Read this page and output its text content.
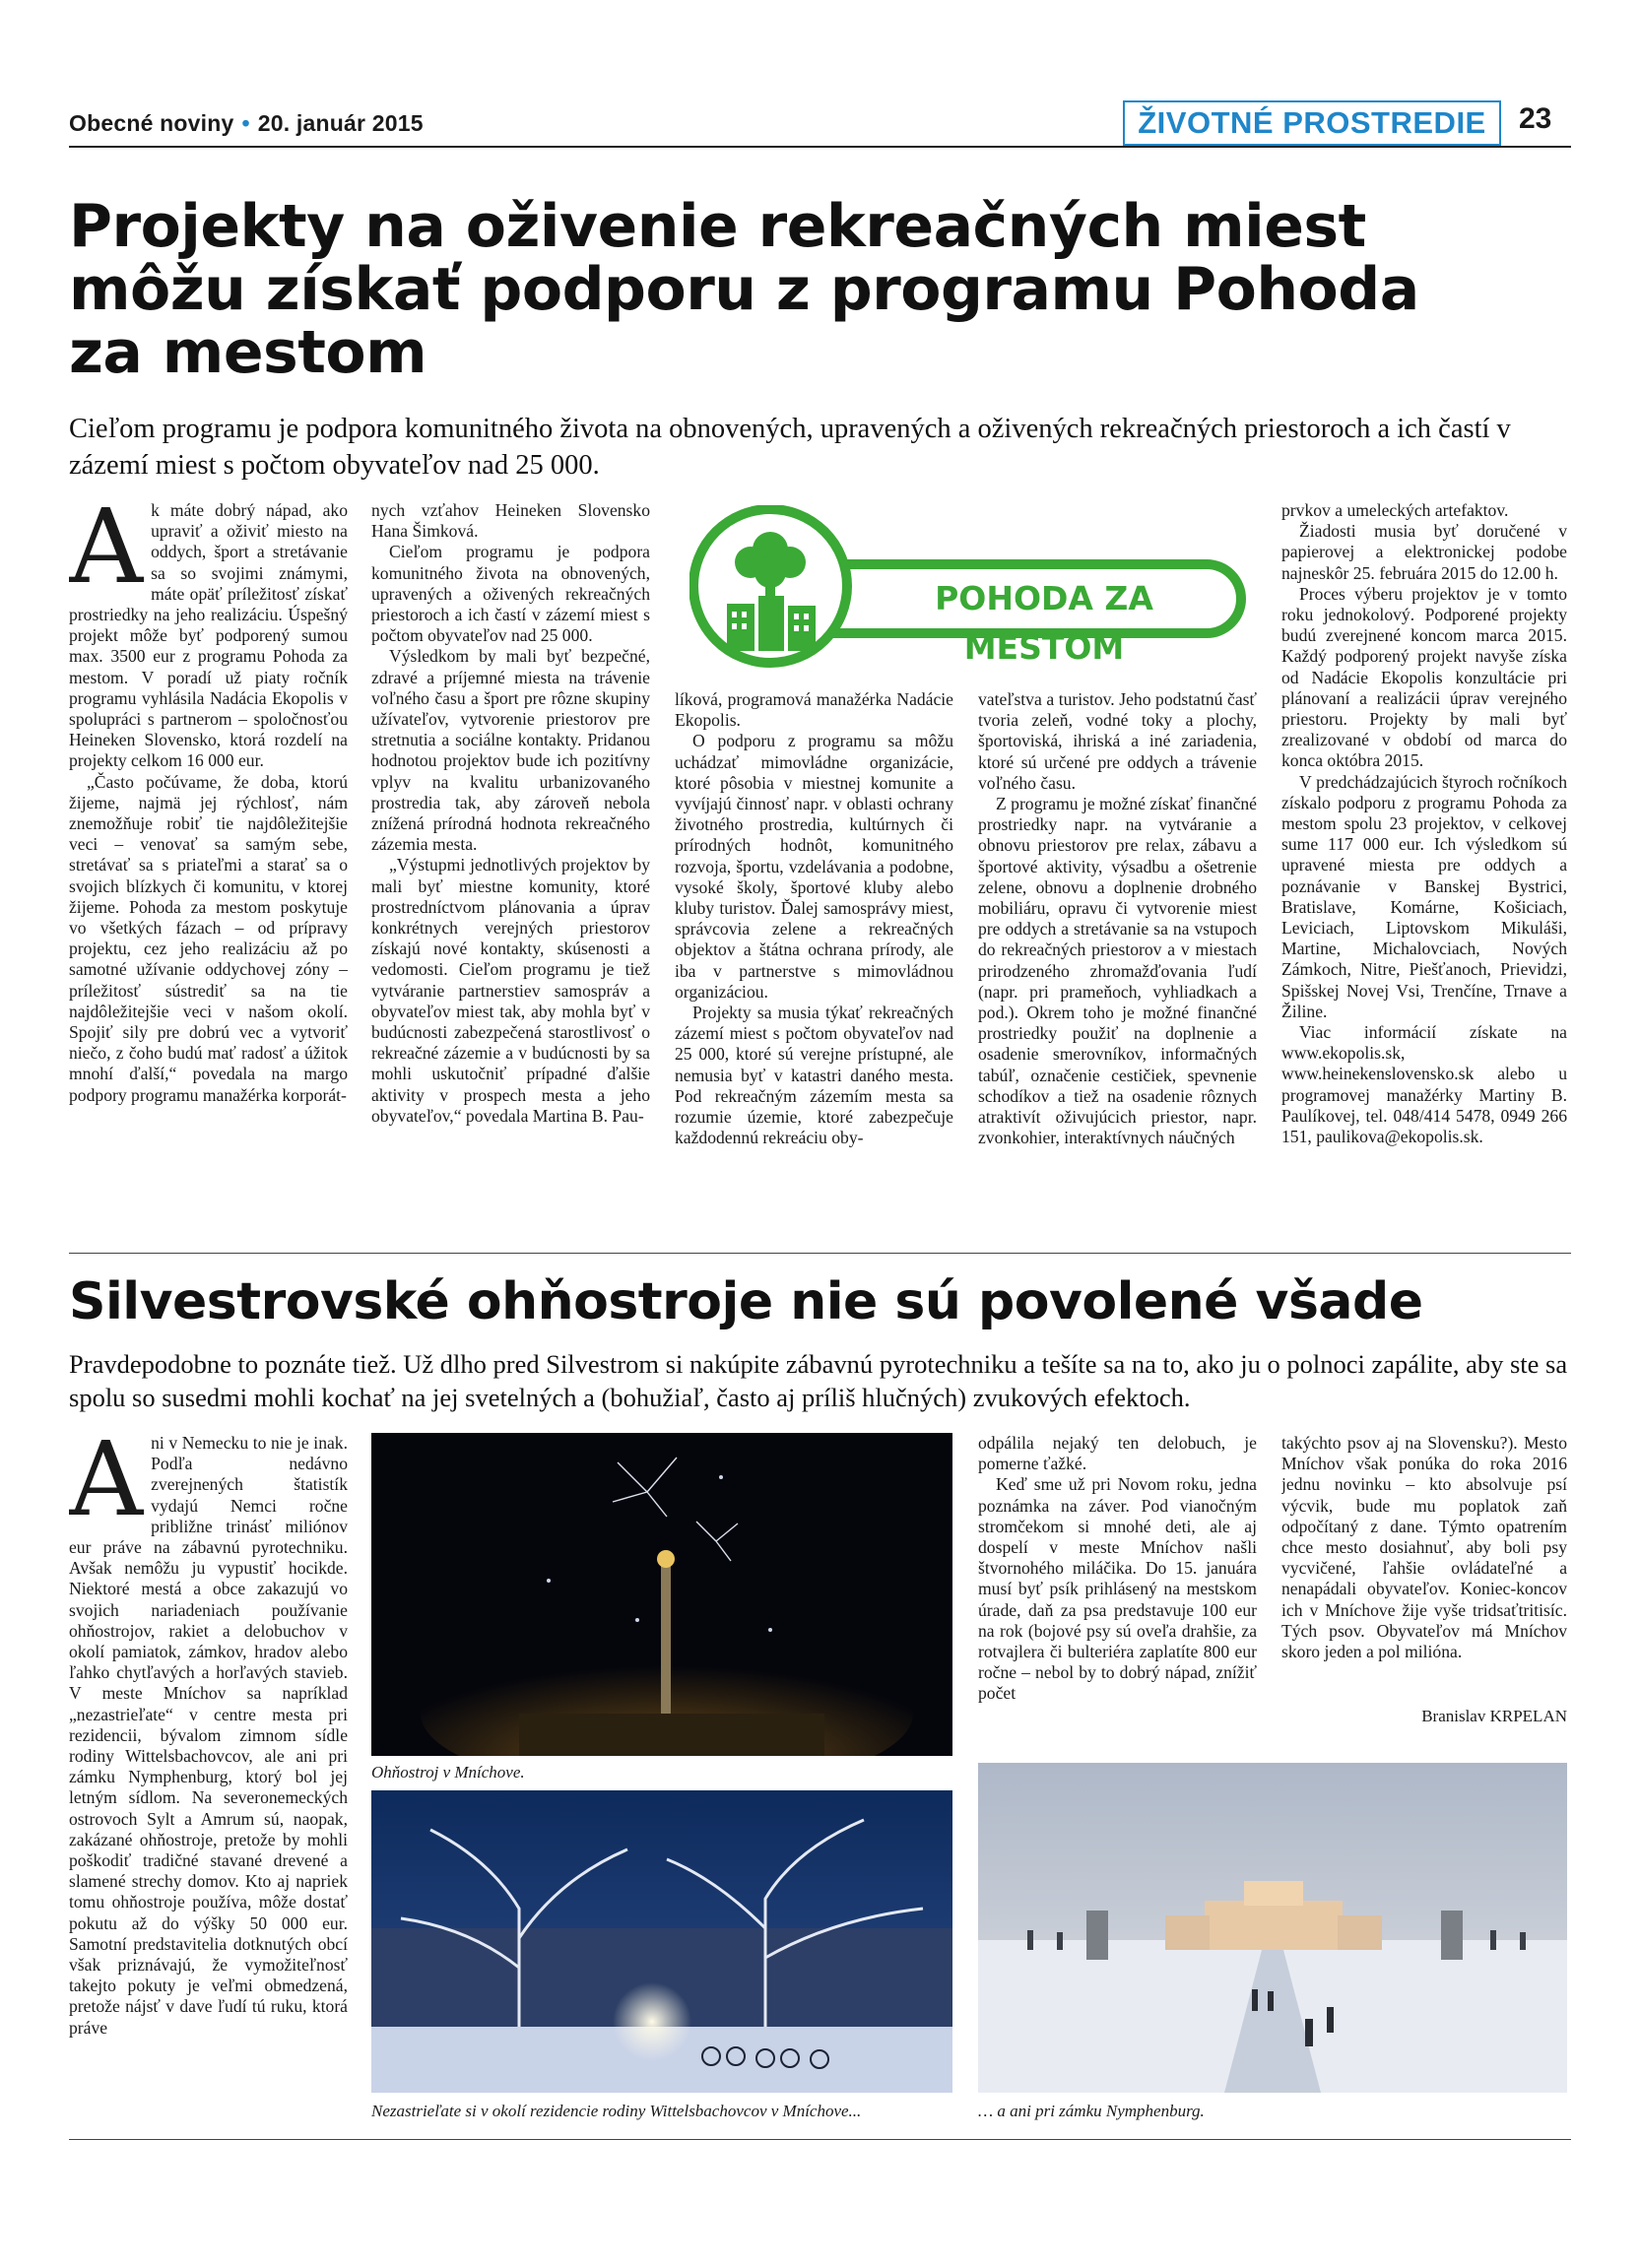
Obecné noviny • 20. január 2015	ŽIVOTNÉ PROSTREDIE	23
Projekty na oživenie rekreačných miest
môžu získať podporu z programu Pohoda
za mestom

Cieľom programu je podpora komunitného života na obnovených, upravených a oživených rekreačných priestoroch a ich častí v zázemí miest s počtom obyvateľov nad 25 000.

A k máte dobrý nápad, ako upraviť a oživiť miesto na oddych, šport a stretávanie sa so svojimi známymi, máte opäť príležitosť získať prostriedky na jeho realizáciu. Úspešný projekt môže byť podporený sumou max. 3500 eur z programu Pohoda za mestom. V poradí už piaty ročník programu vyhlásila Nadácia Ekopolis v spolupráci s partnerom – spoločnosťou Heineken Slovensko, ktorá rozdelí na projekty celkom 16 000 eur.

„Často počúvame, že doba, ktorú žijeme, najmä jej rýchlosť, nám znemožňuje robiť tie najdôležitejšie veci – venovať sa samým sebe, stretávať sa s priateľmi a starať sa o svojich blízkych či komunitu, v ktorej žijeme. Pohoda za mestom poskytuje vo všetkých fázach – od prípravy projektu, cez jeho realizáciu až po samotné užívanie oddychovej zóny – príležitosť sústrediť sa na tie najdôležitejšie veci v našom okolí. Spojiť sily pre dobrú vec a vytvoriť niečo, z čoho budú mať radosť a úžitok mnohí ďalší,“ povedala na margo podpory programu manažérka korporát-

nych vzťahov Heineken Slovensko Hana Šimková.

Cieľom programu je podpora komunitného života na obnovených, upravených a oživených rekreačných priestoroch a ich častí v zázemí miest s počtom obyvateľov nad 25 000.

Výsledkom by mali byť bezpečné, zdravé a príjemné miesta na trávenie voľného času a šport pre rôzne skupiny užívateľov, vytvorenie priestorov pre stretnutia a sociálne kontakty. Pridanou hodnotou projektov bude ich pozitívny vplyv na kvalitu urbanizovaného prostredia tak, aby zároveň nebola znížená prírodná hodnota rekreačného zázemia mesta.

„Výstupmi jednotlivých projektov by mali byť miestne komunity, ktoré prostredníctvom plánovania a úprav konkrétnych verejných priestorov získajú nové kontakty, skúsenosti a vedomosti. Cieľom programu je tiež vytváranie partnerstiev samospráv a obyvateľov miest tak, aby mohla byť v budúcnosti zabezpečená starostlivosť o rekreačné zázemie a v budúcnosti by sa mohli uskutočniť prípadné ďalšie aktivity v prospech mesta a jeho obyvateľov,“ povedala Martina B. Pau-

POHODA ZA MESTOM

líková, programová manažérka Nadácie Ekopolis.

O podporu z programu sa môžu uchádzať mimovládne organizácie, ktoré pôsobia v miestnej komunite a vyvíjajú činnosť napr. v oblasti ochrany životného prostredia, kultúrnych či prírodných hodnôt, komunitného rozvoja, športu, vzdelávania a podobne, vysoké školy, športové kluby alebo kluby turistov. Ďalej samosprávy miest, správcovia zelene a rekreačných objektov a štátna ochrana prírody, ale iba v partnerstve s mimovládnou organizáciou.

Projekty sa musia týkať rekreačných zázemí miest s počtom obyvateľov nad 25 000, ktoré sú verejne prístupné, ale nemusia byť v katastri daného mesta. Pod rekreačným zázemím mesta sa rozumie územie, ktoré zabezpečuje každodennú rekreáciu oby-

vateľstva a turistov. Jeho podstatnú časť tvoria zeleň, vodné toky a plochy, športoviská, ihriská a iné zariadenia, ktoré sú určené pre oddych a trávenie voľného času.

Z programu je možné získať finančné prostriedky napr. na vytváranie a obnovu priestorov pre relax, zábavu a športové aktivity, výsadbu a ošetrenie zelene, obnovu a doplnenie drobného mobiliáru, opravu či vytvorenie miest pre oddych a stretávanie sa na vstupoch do rekreačných priestorov a v miestach prirodzeného zhromažďovania ľudí (napr. pri prameňoch, vyhliadkach a pod.). Okrem toho je možné finančné prostriedky použiť na doplnenie a osadenie smerovníkov, informačných tabúľ, označenie cestičiek, spevnenie schodíkov a tiež na osadenie rôznych atraktivít oživujúcich priestor, napr. zvonkohier, interaktívnych náučných

prvkov a umeleckých artefaktov.

Žiadosti musia byť doručené v papierovej a elektronickej podobe najneskôr 25. februára 2015 do 12.00 h.

Proces výberu projektov je v tomto roku jednokolový. Podporené projekty budú zverejnené koncom marca 2015. Každý podporený projekt navyše získa od Nadácie Ekopolis konzultácie pri plánovaní a realizácii úprav verejného priestoru. Projekty by mali byť zrealizované v období od marca do konca októbra 2015.

V predchádzajúcich štyroch ročníkoch získalo podporu z programu Pohoda za mestom spolu 23 projektov, v celkovej sume 117 000 eur. Ich výsledkom sú upravené miesta pre oddych a poznávanie v Banskej Bystrici, Bratislave, Komárne, Košiciach, Leviciach, Liptovskom Mikuláši, Martine, Michalovciach, Nových Zámkoch, Nitre, Piešťanoch, Prievidzi, Spišskej Novej Vsi, Trenčíne, Trnave a Žiline.

Viac informácií získate na www.ekopolis.sk, www.heinekenslovensko.sk alebo u programovej manažérky Martiny B. Paulíkovej, tel. 048/414 5478, 0949 266 151, paulikova@ekopolis.sk.

Silvestrovské ohňostroje nie sú povolené všade

Pravdepodobne to poznáte tiež. Už dlho pred Silvestrom si nakúpite zábavnú pyrotechniku a tešíte sa na to, ako ju o polnoci zapálite, aby ste sa spolu so susedmi mohli kochať na jej svetelných a (bohužiaľ, často aj príliš hlučných) zvukových efektoch.

A ni v Nemecku to nie je inak. Podľa nedávno zverejnených štatistík vydajú Nemci ročne približne trinásť miliónov eur práve na zábavnú pyrotechniku. Avšak nemôžu ju vypustiť hocikde. Niektoré mestá a obce zakazujú vo svojich nariadeniach používanie ohňostrojov, rakiet a delobuchov v okolí pamiatok, zámkov, hradov alebo ľahko chytľavých a horľavých stavieb. V meste Mníchov sa napríklad „nezastrieľate“ v centre mesta pri rezidencii, bývalom zimnom sídle rodiny Wittelsbachovcov, ale ani pri zámku Nymphenburg, ktorý bol jej letným sídlom. Na severonemeckých ostrovoch Sylt a Amrum sú, naopak, zakázané ohňostroje, pretože by mohli poškodiť tradičné stavané drevené a slamené strechy domov. Kto aj napriek tomu ohňostroje používa, môže dostať pokutu až do výšky 50 000 eur. Samotní predstavitelia dotknutých obcí však priznávajú, že vymožiteľnosť takejto pokuty je veľmi obmedzená, pretože nájsť v dave ľudí tú ruku, ktorá práve

Ohňostroj v Mníchove.
Nezastrieľate si v okolí rezidencie rodiny Wittelsbachovcov v Mníchove...

odpálila nejaký ten delobuch, je pomerne ťažké.

Keď sme už pri Novom roku, jedna poznámka na záver. Pod vianočným stromčekom si mnohé deti, ale aj dospelí v meste Mníchov našli štvornohého miláčika. Do 15. januára musí byť psík prihlásený na mestskom úrade, daň za psa predstavuje 100 eur na rok (bojové psy sú oveľa drahšie, za rotvajlera či bulteriéra zaplatíte 800 eur ročne – nebol by to dobrý nápad, znížiť počet

takýchto psov aj na Slovensku?). Mesto Mníchov však ponúka do roka 2016 jednu novinku – kto absolvuje psí výcvik, bude mu poplatok zaň odpočítaný z dane. Týmto opatrením chce mesto dosiahnuť, aby boli psy vycvičené, ľahšie ovládateľné a nenapádali obyvateľov. Koniec-koncov ich v Mníchove žije vyše tridsaťtritisíc. Tých psov. Obyvateľov má Mníchov skoro jeden a pol milióna.

Branislav KRPELAN
… a ani pri zámku Nymphenburg.
